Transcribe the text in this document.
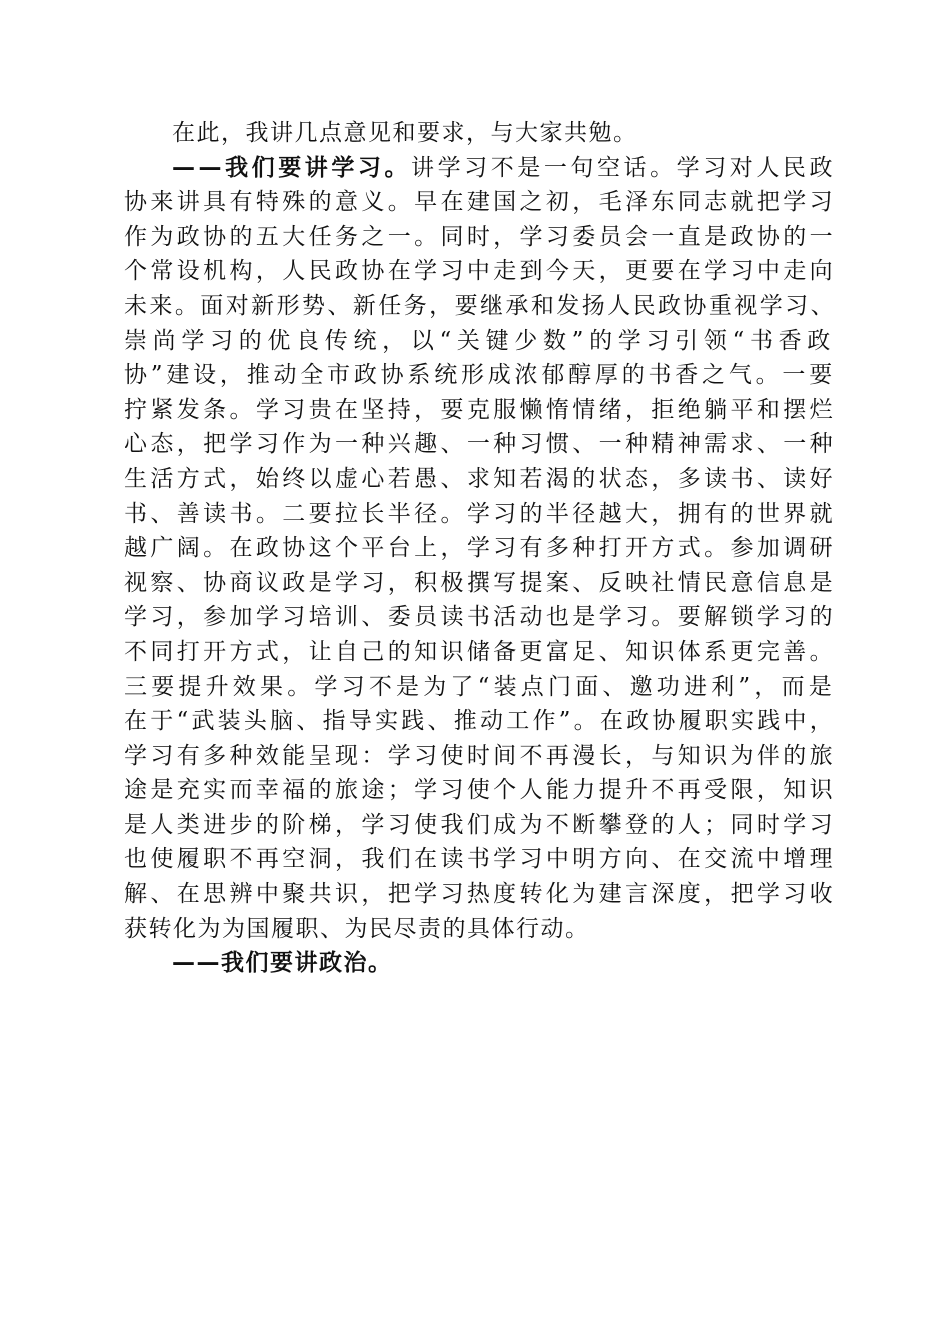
在此，我讲几点意见和要求，与大家共勉。
——我们要讲学习。讲学习不是一句空话。学习对人民政
协来讲具有特殊的意义。早在建国之初，毛泽东同志就把学习
作为政协的五大任务之一。同时，学习委员会一直是政协的一
个常设机构，人民政协在学习中走到今天，更要在学习中走向
未来。面对新形势、新任务，要继承和发扬人民政协重视学习、
崇尚学习的优良传统，以“关键少数”的学习引领“书香政
协”建设，推动全市政协系统形成浓郁醇厚的书香之气。一要
拧紧发条。学习贵在坚持，要克服懒惰情绪，拒绝躺平和摆烂
心态，把学习作为一种兴趣、一种习惯、一种精神需求、一种
生活方式，始终以虚心若愚、求知若渴的状态，多读书、读好
书、善读书。二要拉长半径。学习的半径越大，拥有的世界就
越广阔。在政协这个平台上，学习有多种打开方式。参加调研
视察、协商议政是学习，积极撰写提案、反映社情民意信息是
学习，参加学习培训、委员读书活动也是学习。要解锁学习的
不同打开方式，让自己的知识储备更富足、知识体系更完善。
三要提升效果。学习不是为了“装点门面、邀功进利”，而是
在于“武装头脑、指导实践、推动工作”。在政协履职实践中，
学习有多种效能呈现：学习使时间不再漫长，与知识为伴的旅
途是充实而幸福的旅途；学习使个人能力提升不再受限，知识
是人类进步的阶梯，学习使我们成为不断攀登的人；同时学习
也使履职不再空洞，我们在读书学习中明方向、在交流中增理
解、在思辨中聚共识，把学习热度转化为建言深度，把学习收
获转化为为国履职、为民尽责的具体行动。
——我们要讲政治。
